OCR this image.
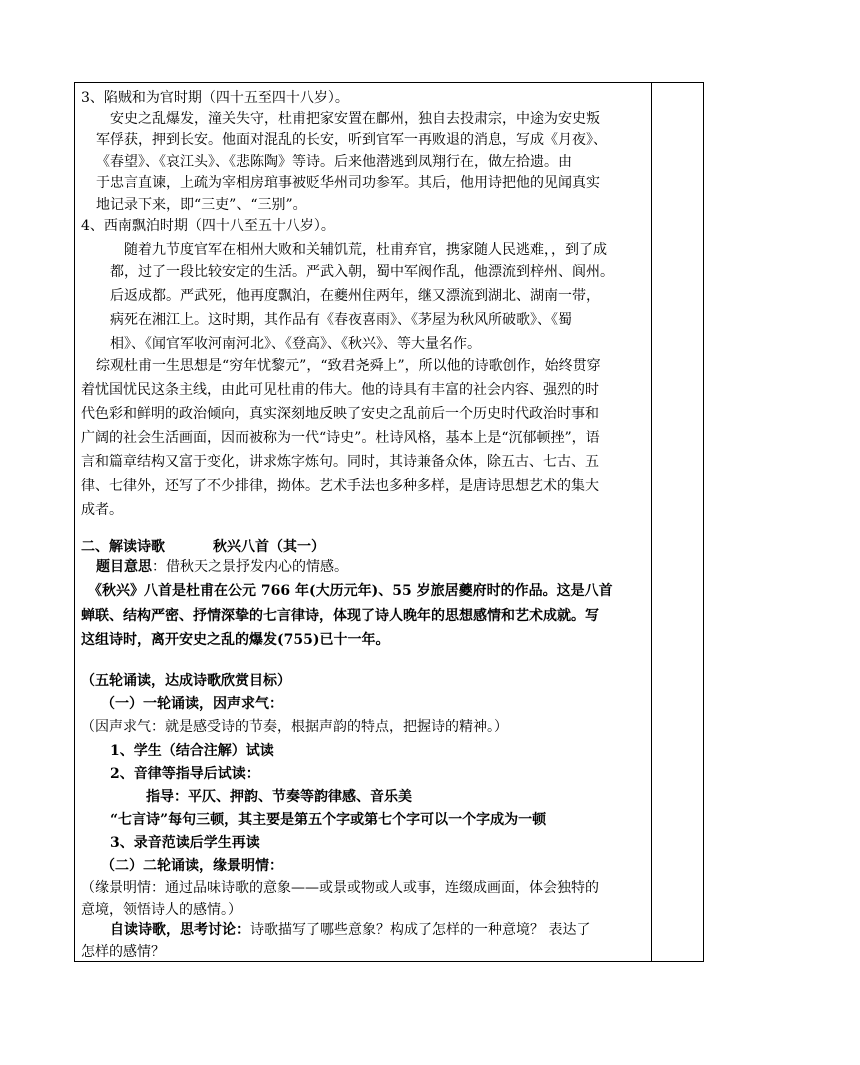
3、陷贼和为官时期（四十五至四十八岁）。
安史之乱爆发，潼关失守，杜甫把家安置在鄜州，独自去投肃宗，中途为安史叛
军俘获，押到长安。他面对混乱的长安，听到官军一再败退的消息，写成《月夜》、
《春望》、《哀江头》、《悲陈陶》等诗。后来他潜逃到凤翔行在，做左拾遗。由
于忠言直谏，上疏为宰相房琯事被贬华州司功参军。其后，他用诗把他的见闻真实
地记录下来，即“三吏”、“三别”。
4、西南飘泊时期（四十八至五十八岁）。
随着九节度官军在相州大败和关辅饥荒，杜甫弃官，携家随人民逃难，，到了成
都，过了一段比较安定的生活。严武入朝，蜀中军阀作乱，他漂流到梓州、阆州。
后返成都。严武死，他再度飘泊，在夔州住两年，继又漂流到湖北、湖南一带，
病死在湘江上。这时期，其作品有《春夜喜雨》、《茅屋为秋风所破歌》、《蜀
相》、《闻官军收河南河北》、《登高》、《秋兴》、等大量名作。
综观杜甫一生思想是“穷年忧黎元”，“致君尧舜上”，所以他的诗歌创作，始终贯穿
着忧国忧民这条主线，由此可见杜甫的伟大。他的诗具有丰富的社会内容、强烈的时
代色彩和鲜明的政治倾向，真实深刻地反映了安史之乱前后一个历史时代政治时事和
广阔的社会生活画面，因而被称为一代“诗史”。杜诗风格，基本上是“沉郁顿挫”，语
言和篇章结构又富于变化，讲求炼字炼句。同时，其诗兼备众体，除五古、七古、五
律、七律外，还写了不少排律，拗体。艺术手法也多种多样，是唐诗思想艺术的集大
成者。
二、解读诗歌	秋兴八首（其一）
题目意思：借秋天之景抒发内心的情感。
《秋兴》八首是杜甫在公元 766 年(大历元年)、55 岁旅居夔府时的作品。这是八首
蝉联、结构严密、抒情深挚的七言律诗，体现了诗人晚年的思想感情和艺术成就。写
这组诗时，离开安史之乱的爆发(755)已十一年。
（五轮诵读，达成诗歌欣赏目标）
（一）一轮诵读，因声求气：
（因声求气：就是感受诗的节奏，根据声韵的特点，把握诗的精神。）
1、学生（结合注解）试读
2、音律等指导后试读：
指导：平仄、押韵、节奏等韵律感、音乐美
“七言诗”每句三顿，其主要是第五个字或第七个字可以一个字成为一顿
3、录音范读后学生再读
（二）二轮诵读，缘景明情：
（缘景明情：通过品味诗歌的意象——或景或物或人或事，连缀成画面，体会独特的
意境，领悟诗人的感情。）
自读诗歌，思考讨论：诗歌描写了哪些意象？构成了怎样的一种意境？ 表达了
怎样的感情？
